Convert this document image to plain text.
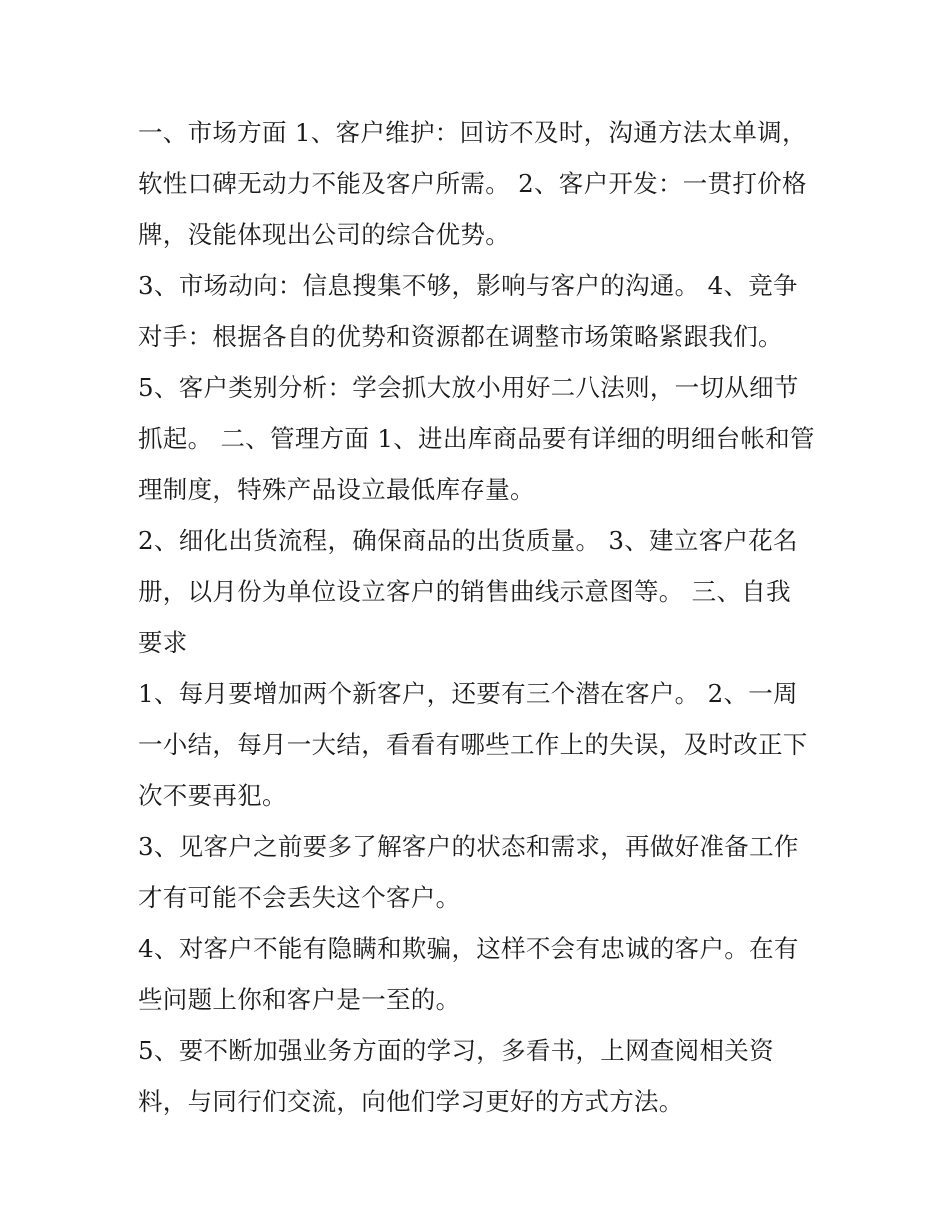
一、市场方面 1、客户维护：回访不及时，沟通方法太单调，
软性口碑无动力不能及客户所需。 2、客户开发：一贯打价格
牌，没能体现出公司的综合优势。
3、市场动向：信息搜集不够，影响与客户的沟通。 4、竞争
对手：根据各自的优势和资源都在调整市场策略紧跟我们。
5、客户类别分析：学会抓大放小用好二八法则，一切从细节
抓起。 二、管理方面 1、进出库商品要有详细的明细台帐和管
理制度，特殊产品设立最低库存量。
2、细化出货流程，确保商品的出货质量。 3、建立客户花名
册，以月份为单位设立客户的销售曲线示意图等。 三、自我
要求
1、每月要增加两个新客户，还要有三个潜在客户。 2、一周
一小结，每月一大结，看看有哪些工作上的失误，及时改正下
次不要再犯。
3、见客户之前要多了解客户的状态和需求，再做好准备工作
才有可能不会丢失这个客户。
4、对客户不能有隐瞒和欺骗，这样不会有忠诚的客户。在有
些问题上你和客户是一至的。
5、要不断加强业务方面的学习，多看书，上网查阅相关资
料，与同行们交流，向他们学习更好的方式方法。
